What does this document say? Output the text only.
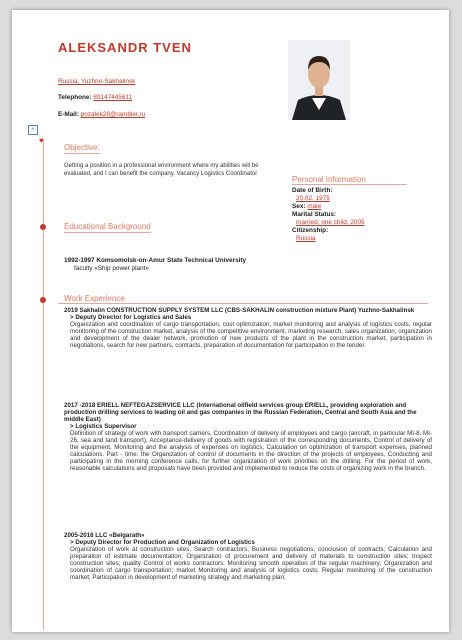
ALEKSANDR TVEN
Russia, Yuzhno-Sakhalinsk
Telephone: 89147445611
E-Mail: pozalek28@rambler.ru
+
♥
Objective:
Getting a position in a professional environment where my abilities will be evaluated, and I can benefit the company. Vacancy Logistics Coordinator
Personal Information
Date of Birth:
20.02. 1975
Sex: male
Marital Status:
married, one child, 2005
Citizenship:
Russia
Educational Background
1992-1997 Komsomolsk-on-Amur State Technical University
faculty «Ship power plant»
Work Experience
2019 Sakhalin CONSTRUCTION SUPPLY SYSTEM LLC (CBS-SAKHALIN construction mixture Plant) Yuzhno-Sakhalinsk
> Deputy Director for Logistics and Sales
Organization and coordination of cargo transportation, cost optimization, market monitoring and analysis of logistics costs, regular monitoring of the construction market, analysis of the competitive environment, marketing research, sales organization, organization and development of the dealer network, promotion of new products of the plant in the construction market, participation in negotiations, search for new partners, contracts, preparation of documentation for participation in the tender.
2017 -2018 ERIELL NEFTEGAZSERVICE LLC (International oilfield services group ERIELL, providing exploration and production drilling services to leading oil and gas companies in the Russian Federation, Central and South Asia and the middle East)
> Logistics Supervisor
Definition of strategy of work with transport carriers, Coordination of delivery of employees and cargo (aircraft, in particular MI-8, MI-26, sea and land transport), Acceptance-delivery of goods with registration of the corresponding documents, Control of delivery of the equipment, Monitoring and the analysis of expenses on logistics, Calculation on optimization of transport expenses, planned calculations. Part - time: the Organization of control of documents in the direction of the projects of employees, Conducting and participating in the morning conference calls, for further organization of work priorities on the drilling. For the period of work, reasonable calculations and proposals have been provided and implemented to reduce the costs of organizing work in the branch.
2005-2016 LLC «Belgarath»
> Deputy Director for Production and Organization of Logistics
Organization of work at construction sites; Search contractors; Business negotiations, conclusion of contracts; Calculation and preparation of estimate documentation; Organization of procurement and delivery of materials to construction sites; Inspect construction sites; quality Control of works contractors; Monitoring smooth operation of the regular machinery; Organization and coordination of cargo transportation; market Monitoring and analysis of logistics costs; Regular monitoring of the construction market; Participation in development of marketing strategy and marketing plan;
